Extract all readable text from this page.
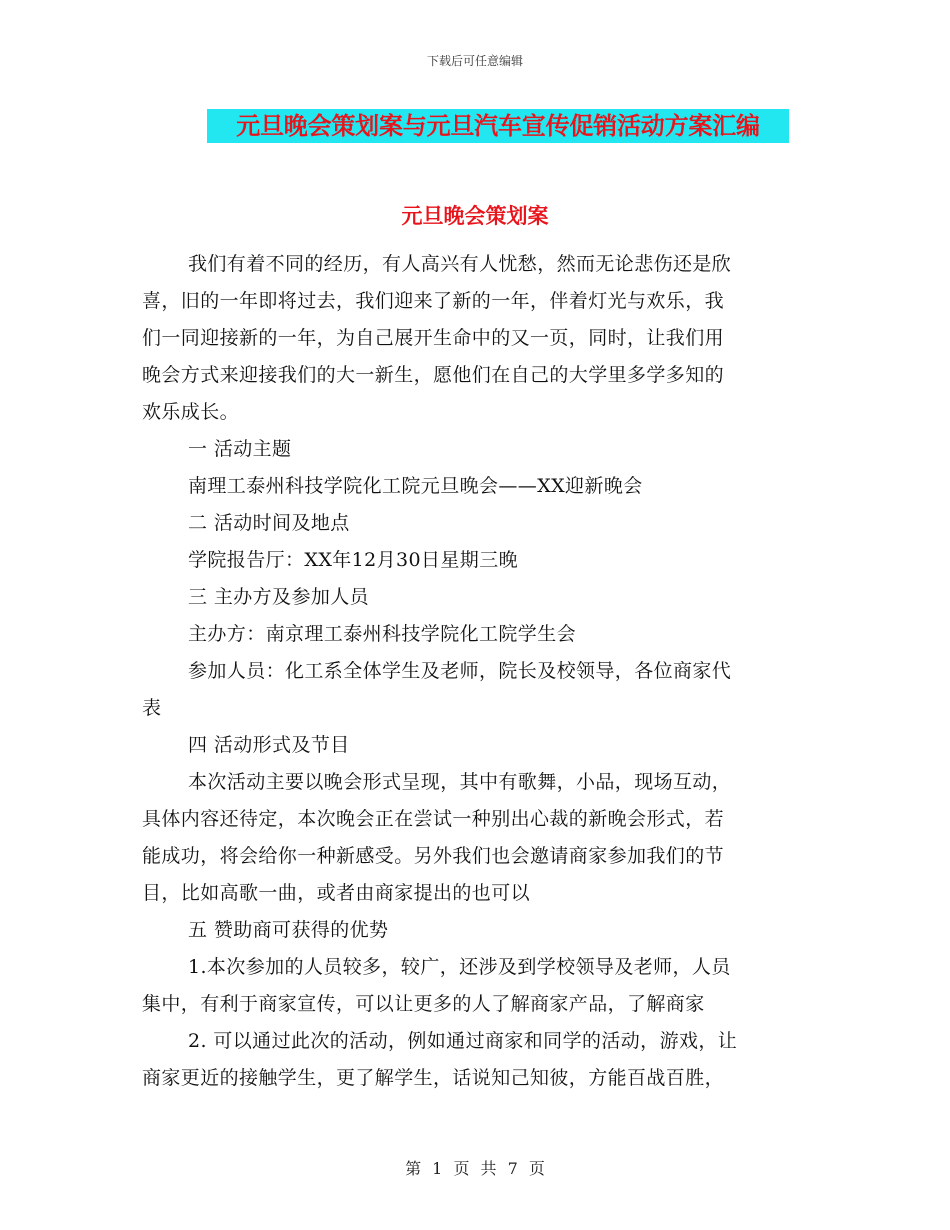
下载后可任意编辑
元旦晚会策划案与元旦汽车宣传促销活动方案汇编
元旦晚会策划案

我们有着不同的经历，有人高兴有人忧愁，然而无论悲伤还是欣

喜，旧的一年即将过去，我们迎来了新的一年，伴着灯光与欢乐，我

们一同迎接新的一年，为自己展开生命中的又一页，同时，让我们用

晚会方式来迎接我们的大一新生，愿他们在自己的大学里多学多知的

欢乐成长。

一 活动主题

南理工泰州科技学院化工院元旦晚会——XX迎新晚会

二 活动时间及地点

学院报告厅：XX年12月30日星期三晚

三 主办方及参加人员

主办方：南京理工泰州科技学院化工院学生会

参加人员：化工系全体学生及老师，院长及校领导，各位商家代

表

四 活动形式及节目

本次活动主要以晚会形式呈现，其中有歌舞，小品，现场互动，

具体内容还待定，本次晚会正在尝试一种别出心裁的新晚会形式，若

能成功，将会给你一种新感受。另外我们也会邀请商家参加我们的节

目，比如高歌一曲，或者由商家提出的也可以

五 赞助商可获得的优势

1.本次参加的人员较多，较广，还涉及到学校领导及老师，人员

集中，有利于商家宣传，可以让更多的人了解商家产品，了解商家

2. 可以通过此次的活动，例如通过商家和同学的活动，游戏，让

商家更近的接触学生，更了解学生，话说知己知彼，方能百战百胜，

第 1 页 共 7 页
